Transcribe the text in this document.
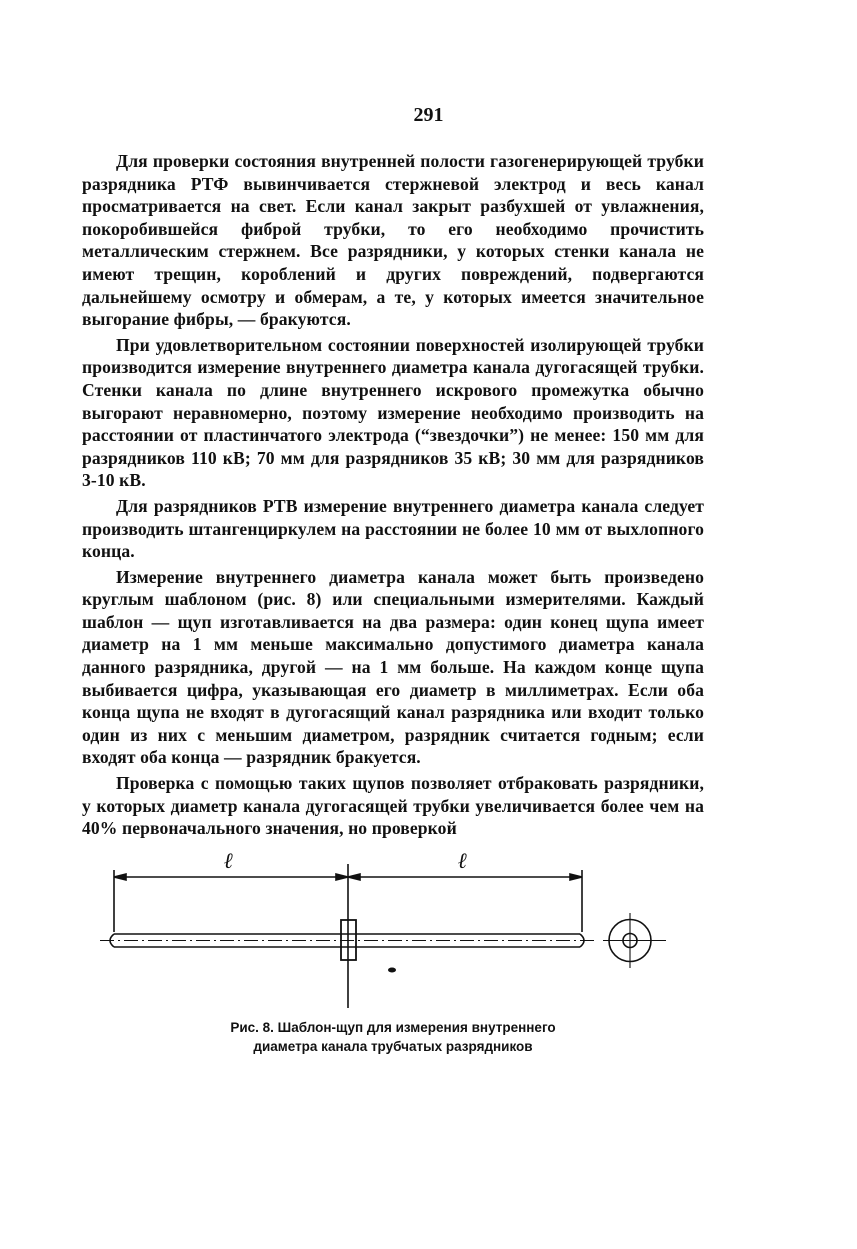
291

Для проверки состояния внутренней полости газогенерирующей трубки разрядника РТФ вывинчивается стержневой электрод и весь канал просматривается на свет. Если канал закрыт разбухшей от увлажнения, покоробившейся фиброй трубки, то его необходимо прочистить металлическим стержнем. Все разрядники, у которых стенки канала не имеют трещин, короблений и других повреждений, подвергаются дальнейшему осмотру и обмерам, а те, у которых имеется значительное выгорание фибры, — бракуются.

При удовлетворительном состоянии поверхностей изолирующей трубки производится измерение внутреннего диаметра канала дугогасящей трубки. Стенки канала по длине внутреннего искрового промежутка обычно выгорают неравномерно, поэтому измерение необходимо производить на расстоянии от пластинчатого электрода (“звездочки”) не менее: 150 мм для разрядников 110 кВ; 70 мм для разрядников 35 кВ; 30 мм для разрядников 3-10 кВ.

Для разрядников РТВ измерение внутреннего диаметра канала следует производить штангенциркулем на расстоянии не более 10 мм от выхлопного конца.

Измерение внутреннего диаметра канала может быть произведено круглым шаблоном (рис. 8) или специальными измерителями. Каждый шаблон — щуп изготавливается на два размера: один конец щупа имеет диаметр на 1 мм меньше максимально допустимого диаметра канала данного разрядника, другой — на 1 мм больше. На каждом конце щупа выбивается цифра, указывающая его диаметр в миллиметрах. Если оба конца щупа не входят в дугогасящий канал разрядника или входит только один из них с меньшим диаметром, разрядник считается годным; если входят оба конца — разрядник бракуется.

Проверка с помощью таких щупов позволяет отбраковать разрядники, у которых диаметр канала дугогасящей трубки увеличивается более чем на 40% первоначального значения, но проверкой

ℓ	ℓ
Рис. 8. Шаблон-щуп для измерения внутреннего
диаметра канала трубчатых разрядников
